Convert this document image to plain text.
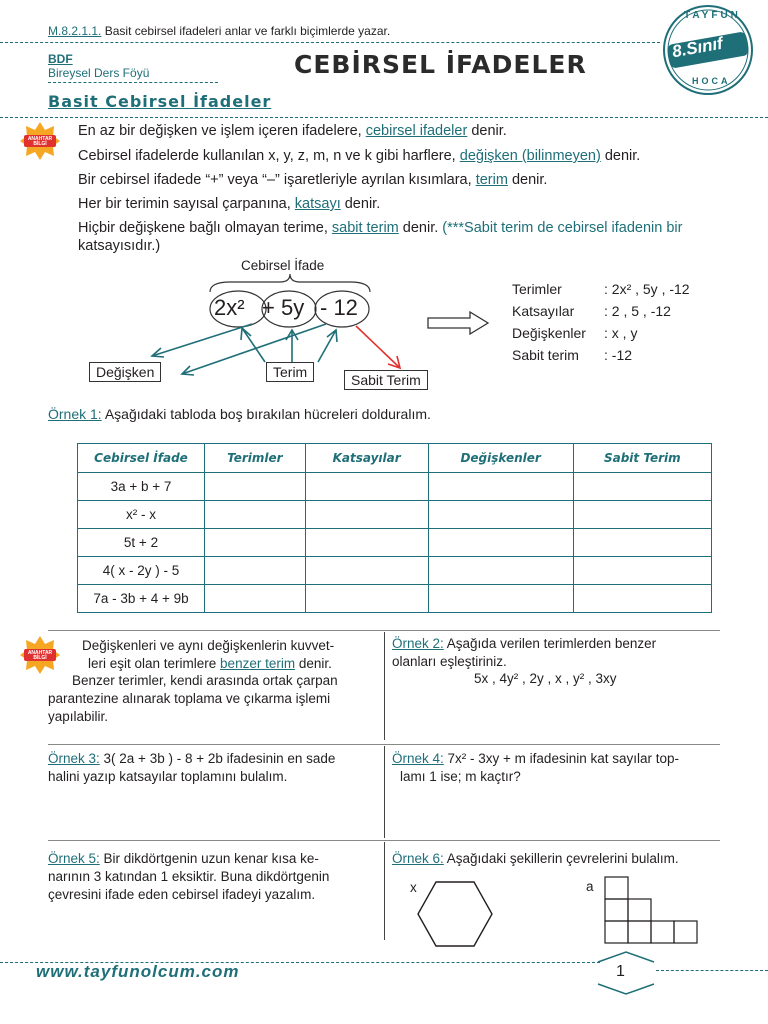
M.8.2.1.1. Basit cebirsel ifadeleri anlar ve farklı biçimlerde yazar.
BDF
Bireysel Ders Föyü	CEBİRSEL İFADELER
TAYFUN
8.Sınıf
HOCA
Basit Cebirsel İfadeler
ANAHTAR BİLGİ
En az bir değişken ve işlem içeren ifadelere, cebirsel ifadeler denir.
Cebirsel ifadelerde kullanılan x, y, z, m, n ve k gibi harflere, değişken (bilinmeyen) denir.
Bir cebirsel ifadede “+” veya “–” işaretleriyle ayrılan kısımlara, terim denir.
Her bir terimin sayısal çarpanına, katsayı denir.
Hiçbir değişkene bağlı olmayan terime, sabit terim denir. (***Sabit terim de cebirsel ifadenin bir
katsayısıdır.)
Cebirsel İfade
2x² + 5y - 12
Değişken	Terim	Sabit Terim
Terimler	: 2x² , 5y , -12
Katsayılar : 2 , 5 , -12
Değişkenler : x , y
Sabit terim : -12
Örnek 1: Aşağıdaki tabloda boş bırakılan hücreleri dolduralım.
Cebirsel İfade	Terimler	Katsayılar	Değişkenler	Sabit Terim
3a + b + 7				
x² - x				
5t + 2				
4( x - 2y ) - 5				
7a - 3b + 4 + 9b				
ANAHTAR BİLGİ
Değişkenleri ve aynı değişkenlerin kuvvet-
leri eşit olan terimlere benzer terim denir.
Benzer terimler, kendi arasında ortak çarpan
parantezine alınarak toplama ve çıkarma işlemi
yapılabilir.
Örnek 2: Aşağıda verilen terimlerden benzer
olanları eşleştiriniz.
5x , 4y² , 2y , x , y² , 3xy
Örnek 3: 3( 2a + 3b ) - 8 + 2b ifadesinin en sade
halini yazıp katsayılar toplamını bulalım.
Örnek 4: 7x² - 3xy + m ifadesinin kat sayılar top-
lamı 1 ise; m kaçtır?
Örnek 5: Bir dikdörtgenin uzun kenar kısa ke-
narının 3 katından 1 eksiktir. Buna dikdörtgenin
çevresini ifade eden cebirsel ifadeyi yazalım.
Örnek 6: Aşağıdaki şekillerin çevrelerini bulalım.
x	a
www.tayfunolcum.com	1
